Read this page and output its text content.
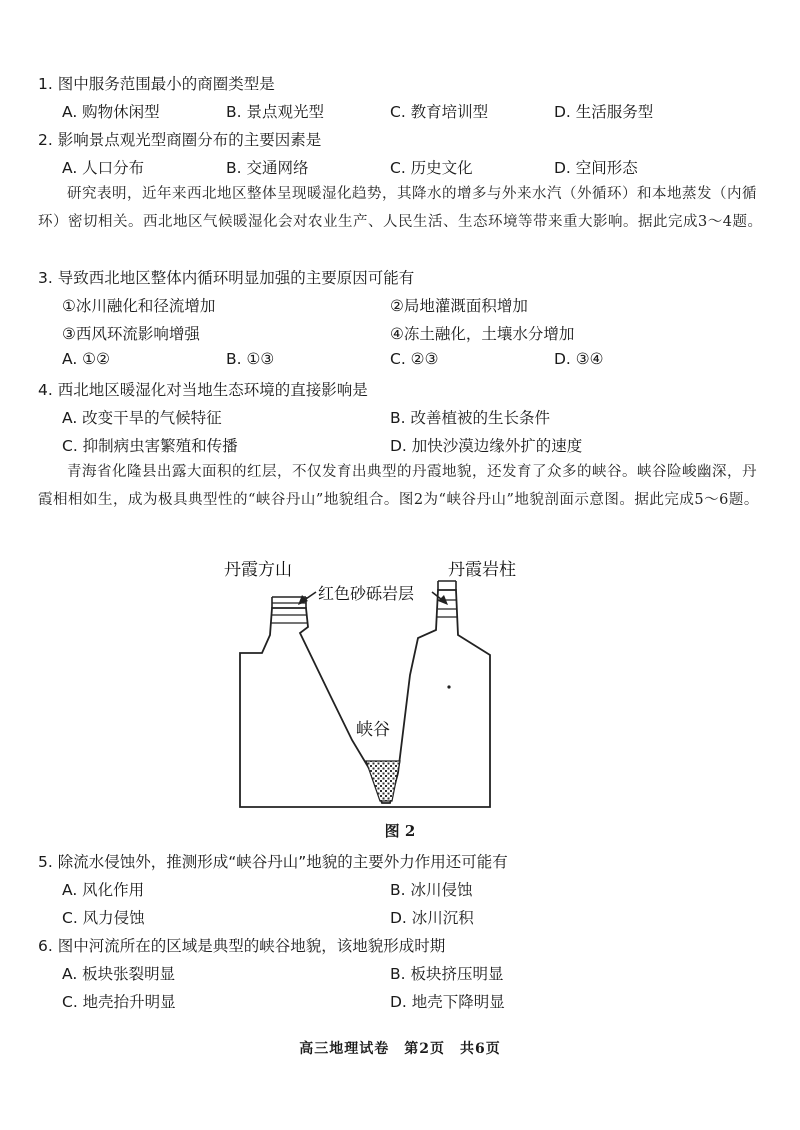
1. 图中服务范围最小的商圈类型是
A. 购物休闲型	B. 景点观光型	C. 教育培训型	D. 生活服务型
2. 影响景点观光型商圈分布的主要因素是
A. 人口分布	B. 交通网络	C. 历史文化	D. 空间形态
研究表明，近年来西北地区整体呈现暖湿化趋势，其降水的增多与外来水汽（外循环）和本地蒸发（内循环）密切相关。西北地区气候暖湿化会对农业生产、人民生活、生态环境等带来重大影响。据此完成3～4题。
3. 导致西北地区整体内循环明显加强的主要原因可能有
①冰川融化和径流增加	②局地灌溉面积增加
③西风环流影响增强	④冻土融化，土壤水分增加
A. ①②	B. ①③	C. ②③	D. ③④
4. 西北地区暖湿化对当地生态环境的直接影响是
A. 改变干旱的气候特征	B. 改善植被的生长条件
C. 抑制病虫害繁殖和传播	D. 加快沙漠边缘外扩的速度
青海省化隆县出露大面积的红层，不仅发育出典型的丹霞地貌，还发育了众多的峡谷。峡谷险峻幽深，丹霞相相如生，成为极具典型性的“峡谷丹山”地貌组合。图2为“峡谷丹山”地貌剖面示意图。据此完成5～6题。
丹霞方山	丹霞岩柱
红色砂砾岩层
峡谷
图 2
5. 除流水侵蚀外，推测形成“峡谷丹山”地貌的主要外力作用还可能有
A. 风化作用	B. 冰川侵蚀
C. 风力侵蚀	D. 冰川沉积
6. 图中河流所在的区域是典型的峡谷地貌，该地貌形成时期
A. 板块张裂明显	B. 板块挤压明显
C. 地壳抬升明显	D. 地壳下降明显
高三地理试卷　第2页　共6页
